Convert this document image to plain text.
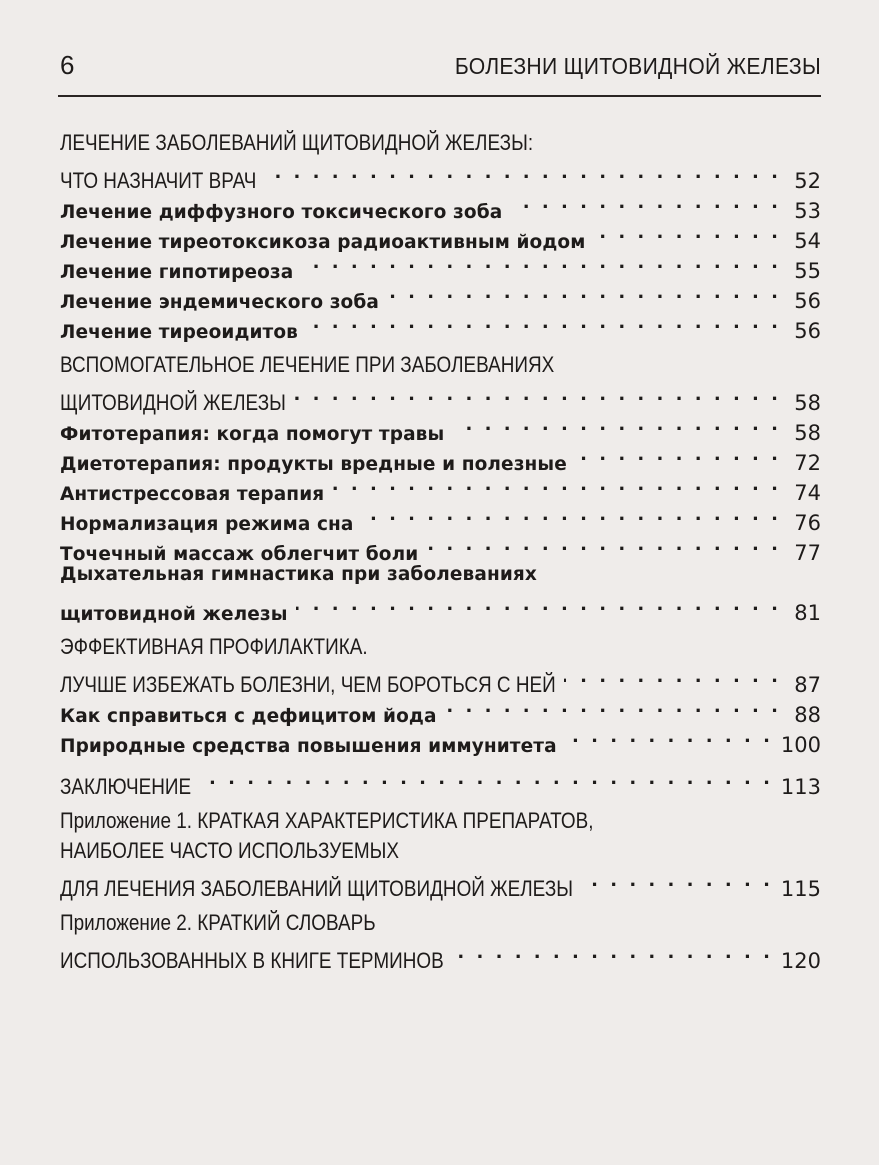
6	БОЛЕЗНИ ЩИТОВИДНОЙ ЖЕЛЕЗЫ
ЛЕЧЕНИЕ ЗАБОЛЕВАНИЙ ЩИТОВИДНОЙ ЖЕЛЕЗЫ:
ЧТО НАЗНАЧИТ ВРАЧ . . .	52
Лечение диффузного токсического зоба . . .	53
Лечение тиреотоксикоза радиоактивным йодом . . .	54
Лечение гипотиреоза . . .	55
Лечение эндемического зоба . . .	56
Лечение тиреоидитов . . .	56
ВСПОМОГАТЕЛЬНОЕ ЛЕЧЕНИЕ ПРИ ЗАБОЛЕВАНИЯХ
ЩИТОВИДНОЙ ЖЕЛЕЗЫ . . .	58
Фитотерапия: когда помогут травы . . .	58
Диетотерапия: продукты вредные и полезные . . .	72
Антистрессовая терапия . . .	74
Нормализация режима сна . . .	76
Точечный массаж облегчит боли . . .	77
Дыхательная гимнастика при заболеваниях
щитовидной железы . . .	81
ЭФФЕКТИВНАЯ ПРОФИЛАКТИКА.
ЛУЧШЕ ИЗБЕЖАТЬ БОЛЕЗНИ, ЧЕМ БОРОТЬСЯ С НЕЙ . . .	87
Как справиться с дефицитом йода . . .	88
Природные средства повышения иммунитета . . .	100
ЗАКЛЮЧЕНИЕ . . .	113
Приложение 1. КРАТКАЯ ХАРАКТЕРИСТИКА ПРЕПАРАТОВ,
НАИБОЛЕЕ ЧАСТО ИСПОЛЬЗУЕМЫХ
ДЛЯ ЛЕЧЕНИЯ ЗАБОЛЕВАНИЙ ЩИТОВИДНОЙ ЖЕЛЕЗЫ . . .	115
Приложение 2. КРАТКИЙ СЛОВАРЬ
ИСПОЛЬЗОВАННЫХ В КНИГЕ ТЕРМИНОВ . . .	120
